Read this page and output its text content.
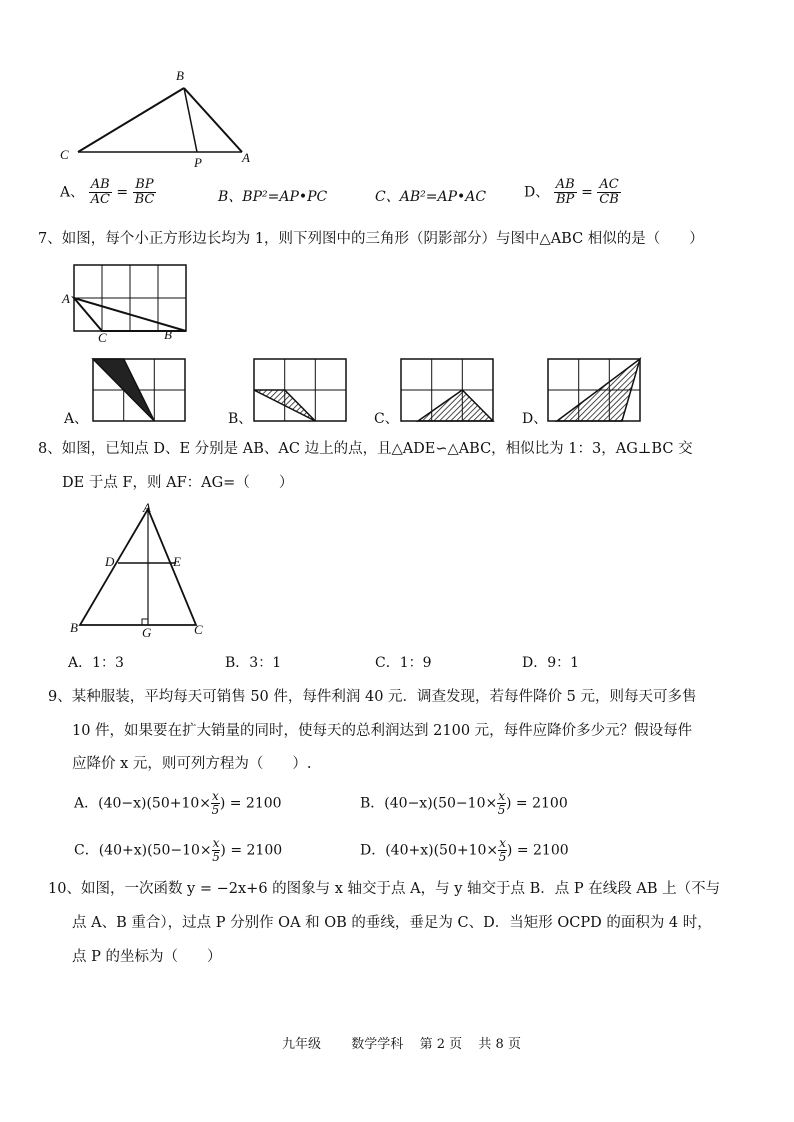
B
C
P	A
A、 $\frac{AB}{AC} = \frac{BP}{BC}$	B、BP²=AP•PC	C、AB²=AP•AC	D、 $\frac{AB}{BP} = \frac{AC}{CB}$
7、如图，每个小正方形边长均为 1，则下列图中的三角形（阴影部分）与图中△ABC 相似的是（　　）
A
C	B
A、	B、	C、	D、
8、如图，已知点 D、E 分别是 AB、AC 边上的点，且△ADE∽△ABC，相似比为 1：3，AG⊥BC 交
DE 于点 F，则 AF：AG=（　　）
A
D	E
B	G	C
A．1：3	B．3：1	C．1：9	D．9：1
9、某种服装，平均每天可销售 50 件，每件利润 40 元．调查发现，若每件降价 5 元，则每天可多售
10 件，如果要在扩大销量的同时，使每天的总利润达到 2100 元，每件应降价多少元？假设每件
应降价 x 元，则可列方程为（　　）.
A．$(40-x)(50+10\times \frac{x}{5}$ ) = 2100	B．$(40-x)(50-10\times \frac{x}{5}$ ) = 2100
C．$(40+x)(50-10\times \frac{x}{5}$ ) = 2100	D．$(40+x)(50+10\times \frac{x}{5}$ ) = 2100
10、如图，一次函数 y = −2x+6 的图象与 x 轴交于点 A，与 y 轴交于点 B．点 P 在线段 AB 上（不与
点 A、B 重合），过点 P 分别作 OA 和 OB 的垂线，垂足为 C、D．当矩形 OCPD 的面积为 4 时，
点 P 的坐标为（　　）
九年级 数学学科 第 2 页 共 8 页
